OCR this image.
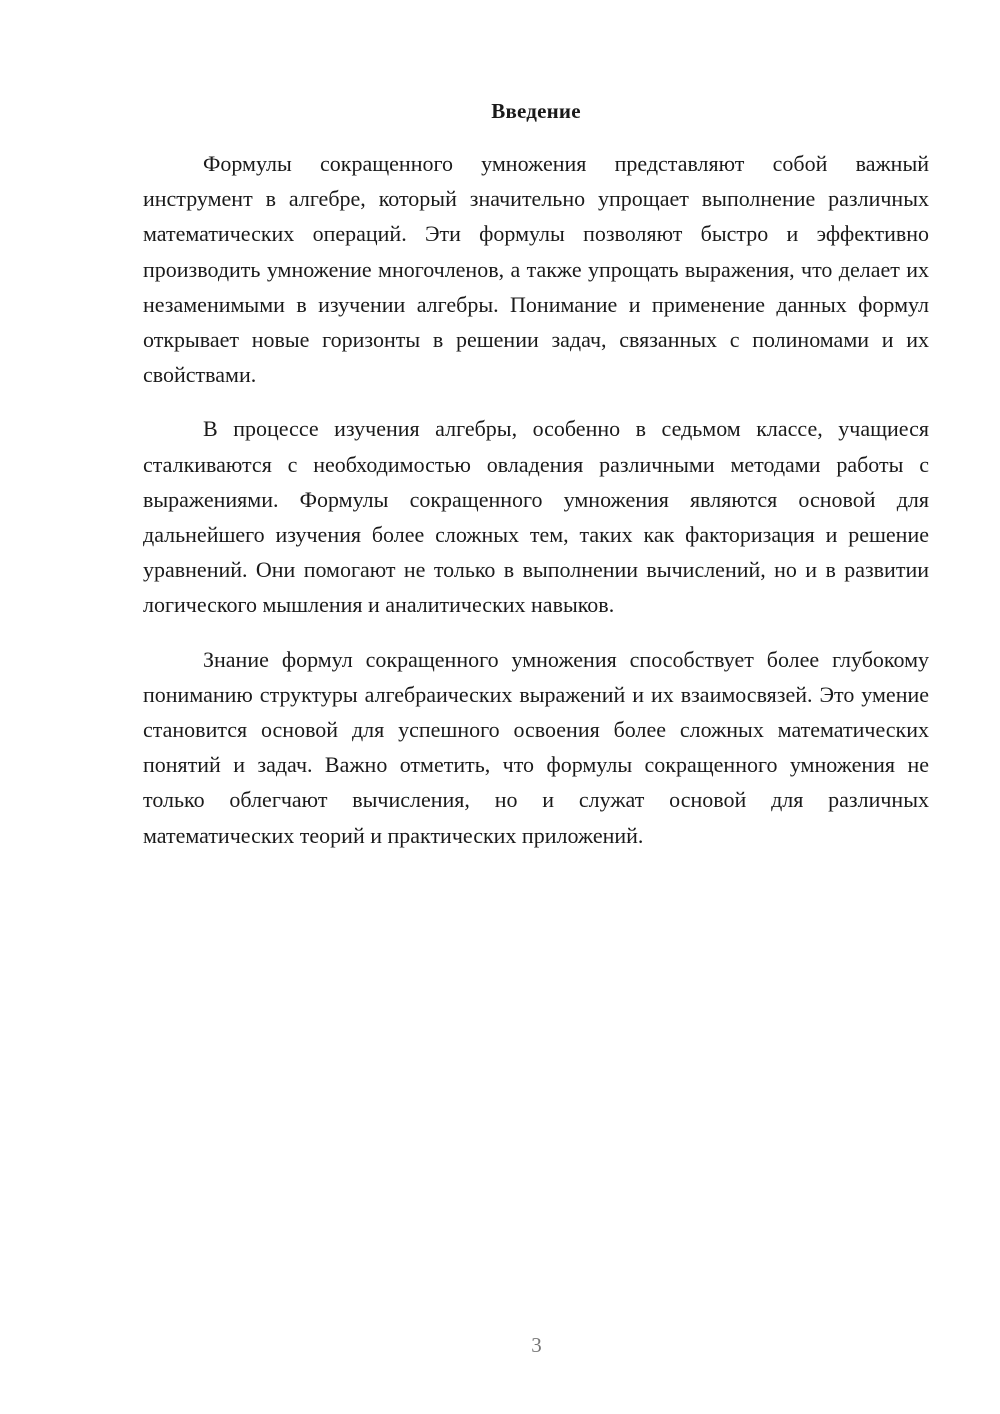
Введение

Формулы сокращенного умножения представляют собой важный инструмент в алгебре, который значительно упрощает выполнение различных математических операций. Эти формулы позволяют быстро и эффективно производить умножение многочленов, а также упрощать выражения, что делает их незаменимыми в изучении алгебры. Понимание и применение данных формул открывает новые горизонты в решении задач, связанных с полиномами и их свойствами.

В процессе изучения алгебры, особенно в седьмом классе, учащиеся сталкиваются с необходимостью овладения различными методами работы с выражениями. Формулы сокращенного умножения являются основой для дальнейшего изучения более сложных тем, таких как факторизация и решение уравнений. Они помогают не только в выполнении вычислений, но и в развитии логического мышления и аналитических навыков.

Знание формул сокращенного умножения способствует более глубокому пониманию структуры алгебраических выражений и их взаимосвязей. Это умение становится основой для успешного освоения более сложных математических понятий и задач. Важно отметить, что формулы сокращенного умножения не только облегчают вычисления, но и служат основой для различных математических теорий и практических приложений.

3
